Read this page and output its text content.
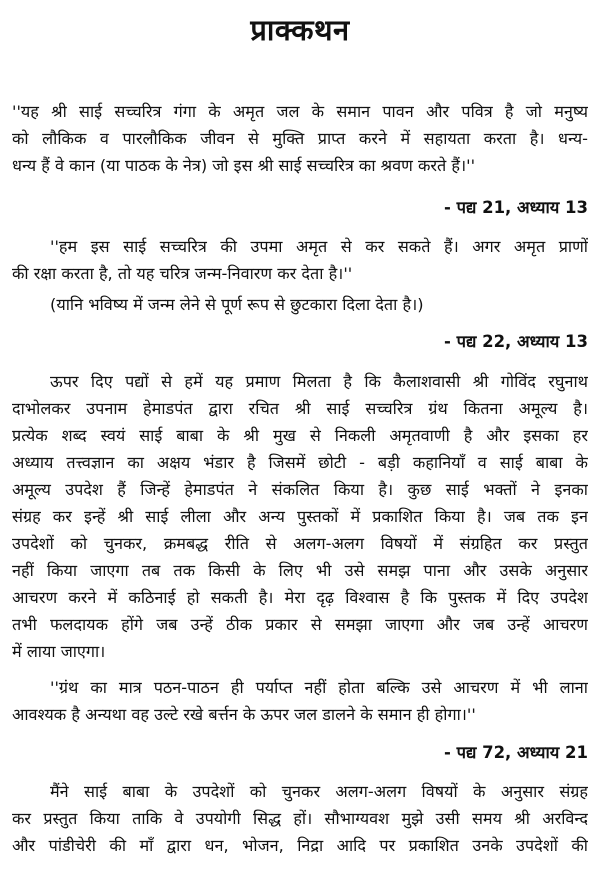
प्राक्कथन
''यह श्री साई सच्चरित्र गंगा के अमृत जल के समान पावन और पवित्र है जो मनुष्य
को लौकिक व पारलौकिक जीवन से मुक्ति प्राप्त करने में सहायता करता है। धन्य-
धन्य हैं वे कान (या पाठक के नेत्र) जो इस श्री साई सच्चरित्र का श्रवण करते हैं।''
- पद्य 21, अध्याय 13
''हम इस साई सच्चरित्र की उपमा अमृत से कर सकते हैं। अगर अमृत प्राणों
की रक्षा करता है, तो यह चरित्र जन्म-निवारण कर देता है।''
(यानि भविष्य में जन्म लेने से पूर्ण रूप से छुटकारा दिला देता है।)
- पद्य 22, अध्याय 13
ऊपर दिए पद्यों से हमें यह प्रमाण मिलता है कि कैलाशवासी श्री गोविंद रघुनाथ
दाभोलकर उपनाम हेमाडपंत द्वारा रचित श्री साई सच्चरित्र ग्रंथ कितना अमूल्य है।
प्रत्येक शब्द स्वयं साई बाबा के श्री मुख से निकली अमृतवाणी है और इसका हर
अध्याय तत्त्वज्ञान का अक्षय भंडार है जिसमें छोटी - बड़ी कहानियाँ व साई बाबा के
अमूल्य उपदेश हैं जिन्हें हेमाडपंत ने संकलित किया है। कुछ साई भक्तों ने इनका
संग्रह कर इन्हें श्री साई लीला और अन्य पुस्तकों में प्रकाशित किया है। जब तक इन
उपदेशों को चुनकर, क्रमबद्ध रीति से अलग-अलग विषयों में संग्रहित कर प्रस्तुत
नहीं किया जाएगा तब तक किसी के लिए भी उसे समझ पाना और उसके अनुसार
आचरण करने में कठिनाई हो सकती है। मेरा दृढ़ विश्वास है कि पुस्तक में दिए उपदेश
तभी फलदायक होंगे जब उन्हें ठीक प्रकार से समझा जाएगा और जब उन्हें आचरण
में लाया जाएगा।
''ग्रंथ का मात्र पठन-पाठन ही पर्याप्त नहीं होता बल्कि उसे आचरण में भी लाना
आवश्यक है अन्यथा वह उल्टे रखे बर्त्तन के ऊपर जल डालने के समान ही होगा।''
- पद्य 72, अध्याय 21
मैंने साई बाबा के उपदेशों को चुनकर अलग-अलग विषयों के अनुसार संग्रह
कर प्रस्तुत किया ताकि वे उपयोगी सिद्ध हों। सौभाग्यवश मुझे उसी समय श्री अरविन्द
और पांडीचेरी की माँ द्वारा धन, भोजन, निद्रा आदि पर प्रकाशित उनके उपदेशों की
